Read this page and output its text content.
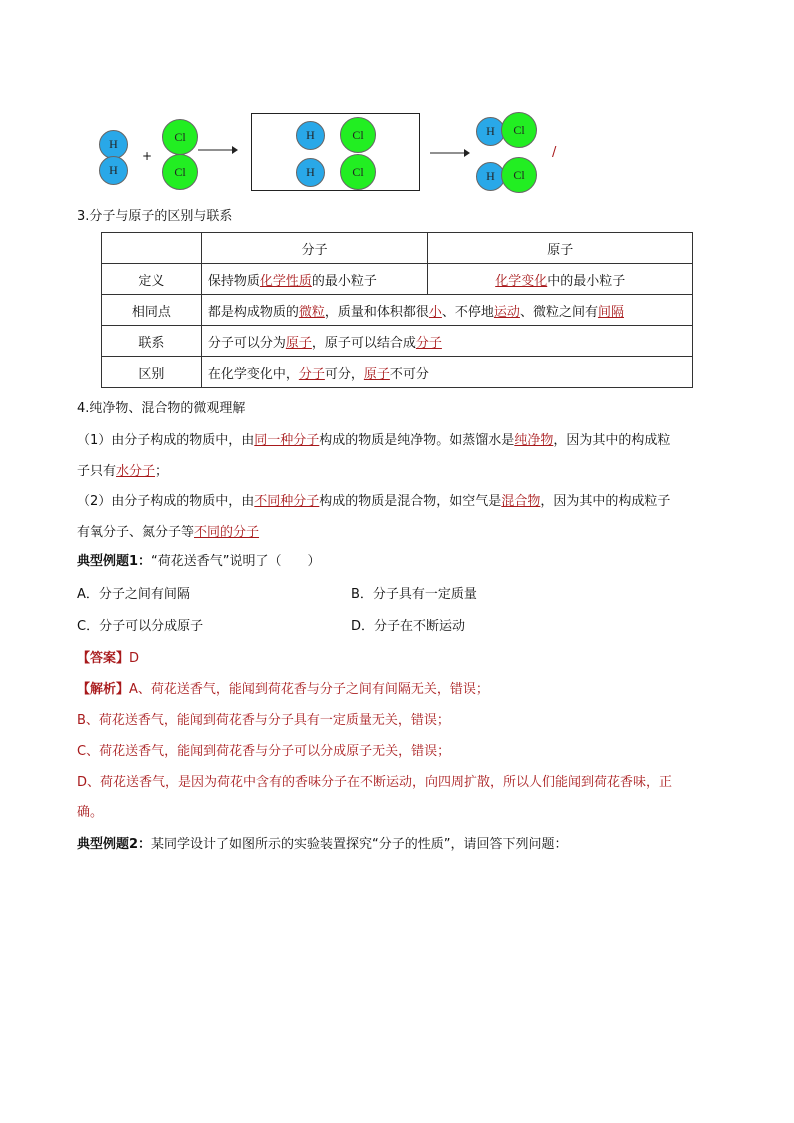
H
H
+
Cl
Cl
H
H
Cl
Cl
H Cl
H Cl
/
3.分子与原子的区别与联系
	分子	原子
定义	保持物质化学性质的最小粒子	化学变化中的最小粒子
相同点	都是构成物质的微粒，质量和体积都很小、不停地运动、微粒之间有间隔	
联系	分子可以分为原子，原子可以结合成分子	
区别	在化学变化中，分子可分，原子不可分	
4.纯净物、混合物的微观理解
（1）由分子构成的物质中，由同一种分子构成的物质是纯净物。如蒸馏水是纯净物，因为其中的构成粒
子只有水分子；
（2）由分子构成的物质中，由不同种分子构成的物质是混合物，如空气是混合物，因为其中的构成粒子
有氧分子、氮分子等不同的分子
典型例题1：“荷花送香气”说明了（　　）
A．分子之间有间隔	B．分子具有一定质量
C．分子可以分成原子	D．分子在不断运动
【答案】D
【解析】A、荷花送香气，能闻到荷花香与分子之间有间隔无关，错误；
B、荷花送香气，能闻到荷花香与分子具有一定质量无关，错误；
C、荷花送香气，能闻到荷花香与分子可以分成原子无关，错误；
D、荷花送香气，是因为荷花中含有的香味分子在不断运动，向四周扩散，所以人们能闻到荷花香味，正
确。
典型例题2：某同学设计了如图所示的实验装置探究“分子的性质”，请回答下列问题：
